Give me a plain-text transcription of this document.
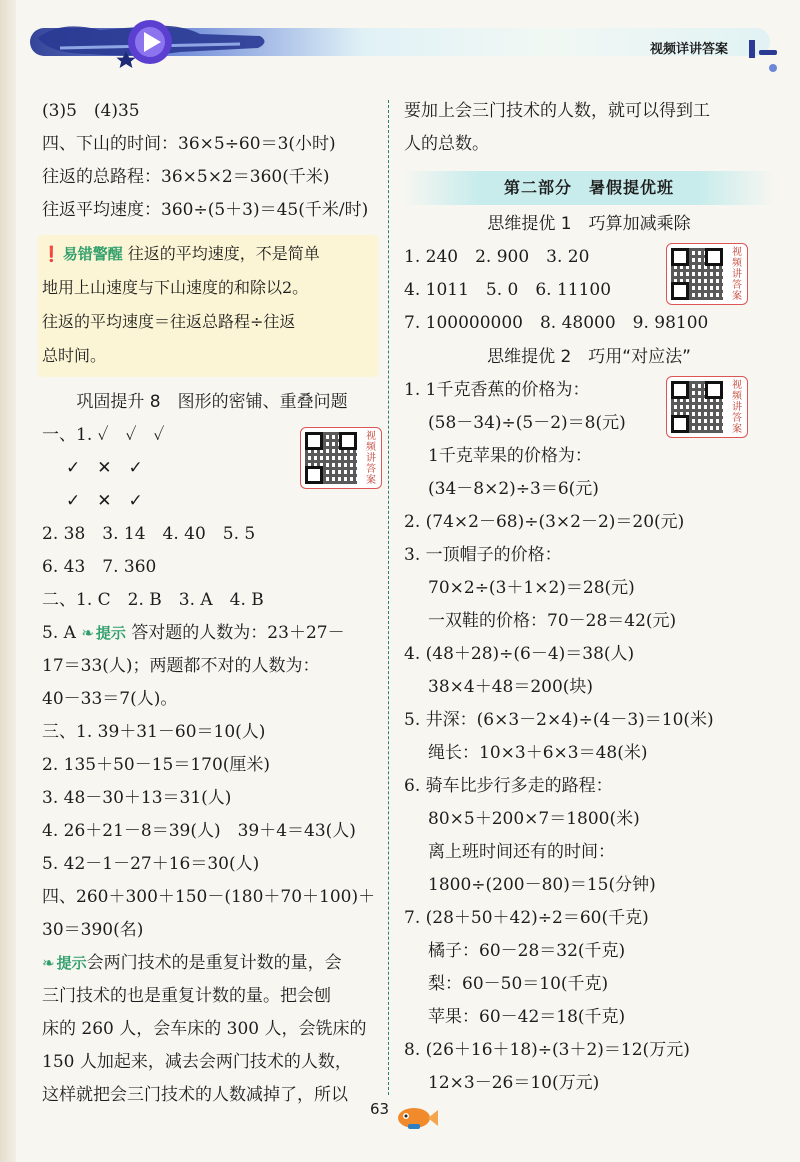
视频详讲答案
(3)5　(4)35
四、下山的时间：36×5÷60＝3(小时)
往返的总路程：36×5×2＝360(千米)
往返平均速度：360÷(5＋3)＝45(千米/时)
❗ 易错警醒 往返的平均速度，不是简单
地用上山速度与下山速度的和除以2。
往返的平均速度＝往返总路程÷往返
总时间。
巩固提升 8　图形的密铺、重叠问题
一、1. ✓　✓　✓
✓　✕　✓
✓　✕　✓
2. 38　3. 14　4. 40　5. 5
6. 43　7. 360
二、1. C　2. B　3. A　4. B
视频讲答案
5. A ❧ 提示 答对题的人数为：23＋27－
17＝33(人)；两题都不对的人数为：
40－33＝7(人)。
三、1. 39＋31－60＝10(人)
2. 135＋50－15＝170(厘米)
3. 48－30＋13＝31(人)
4. 26＋21－8＝39(人)　39＋4＝43(人)
5. 42－1－27＋16＝30(人)
四、260＋300＋150－(180＋70＋100)＋
30＝390(名)
❧ 提示会两门技术的是重复计数的量，会
三门技术的也是重复计数的量。把会刨
床的 260 人，会车床的 300 人，会铣床的
150 人加起来，减去会两门技术的人数，
这样就把会三门技术的人数减掉了，所以
要加上会三门技术的人数，就可以得到工
人的总数。
第二部分　暑假提优班
思维提优 1　巧算加减乘除
1. 240　2. 900　3. 20
4. 1011　5. 0　6. 11100
7. 100000000　8. 48000　9. 98100
视频讲答案
思维提优 2　巧用“对应法”
1. 1千克香蕉的价格为：
(58－34)÷(5－2)＝8(元)
1千克苹果的价格为：
(34－8×2)÷3＝6(元)
2. (74×2－68)÷(3×2－2)＝20(元)
3. 一顶帽子的价格：
70×2÷(3＋1×2)＝28(元)
一双鞋的价格：70－28＝42(元)
4. (48＋28)÷(6－4)＝38(人)
38×4＋48＝200(块)
5. 井深：(6×3－2×4)÷(4－3)＝10(米)
绳长：10×3＋6×3＝48(米)
6. 骑车比步行多走的路程：
80×5＋200×7＝1800(米)
离上班时间还有的时间：
1800÷(200－80)＝15(分钟)
7. (28＋50＋42)÷2＝60(千克)
橘子：60－28＝32(千克)
梨：60－50＝10(千克)
苹果：60－42＝18(千克)
8. (26＋16＋18)÷(3＋2)＝12(万元)
12×3－26＝10(万元)
视频讲答案
63
